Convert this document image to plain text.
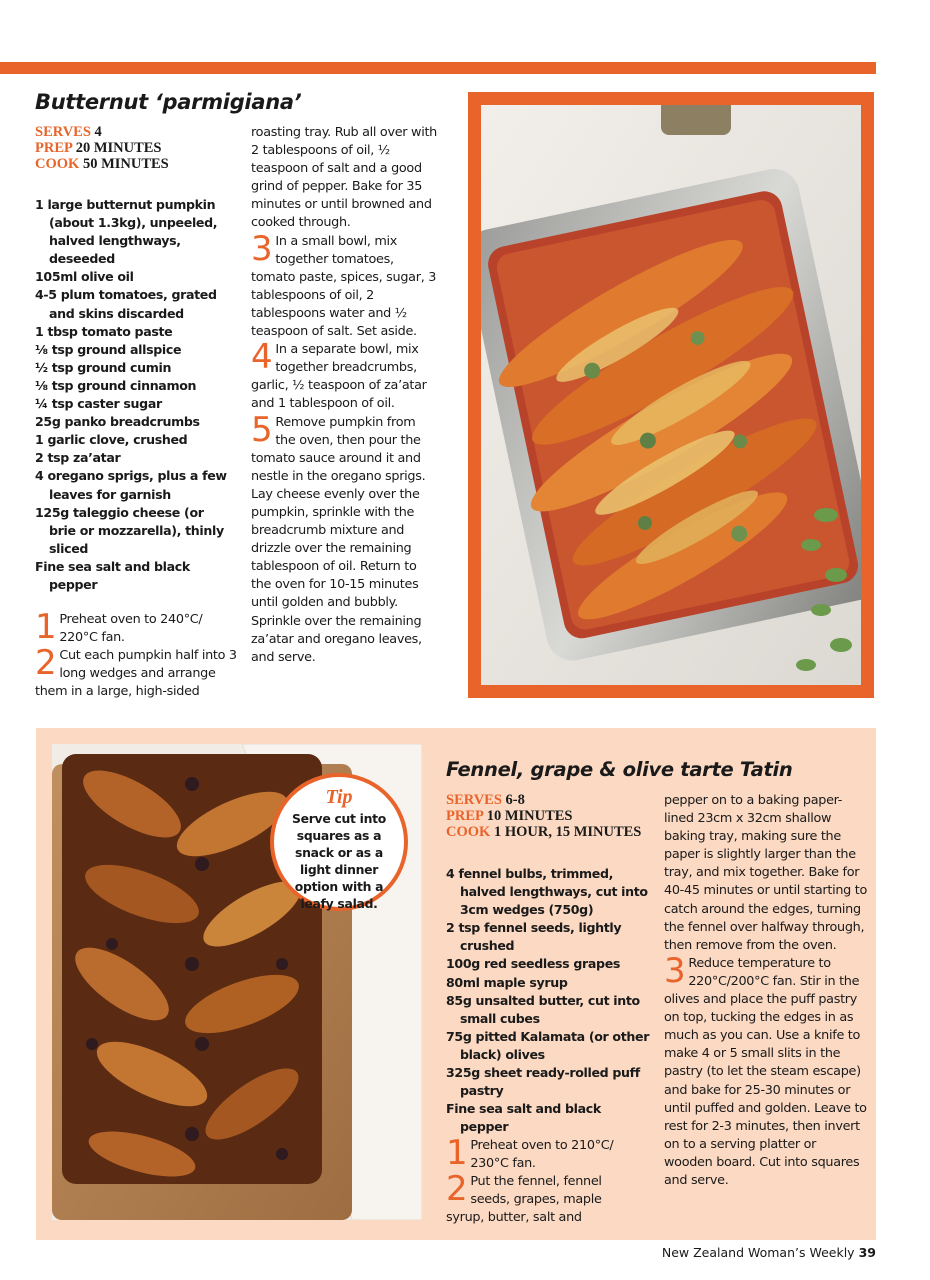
Butternut ‘parmigiana’
SERVES 4
PREP 20 MINUTES
COOK 50 MINUTES
1 large butternut pumpkin (about 1.3kg), unpeeled, halved lengthways, deseeded
105ml olive oil
4-5 plum tomatoes, grated and skins discarded
1 tbsp tomato paste
⅛ tsp ground allspice
½ tsp ground cumin
⅛ tsp ground cinnamon
¼ tsp caster sugar
25g panko breadcrumbs
1 garlic clove, crushed
2 tsp za’atar
4 oregano sprigs, plus a few leaves for garnish
125g taleggio cheese (or brie or mozzarella), thinly sliced
Fine sea salt and black pepper

1 Preheat oven to 240°C/ 220°C fan.

2 Cut each pumpkin half into 3 long wedges and arrange them in a large, high-sided

roasting tray. Rub all over with 2 tablespoons of oil, ½ teaspoon of salt and a good grind of pepper. Bake for 35 minutes or until browned and cooked through.

3 In a small bowl, mix together tomatoes, tomato paste, spices, sugar, 3 tablespoons of oil, 2 tablespoons water and ½ teaspoon of salt. Set aside.

4 In a separate bowl, mix together breadcrumbs, garlic, ½ teaspoon of za’atar and 1 tablespoon of oil.

5 Remove pumpkin from the oven, then pour the tomato sauce around it and nestle in the oregano sprigs. Lay cheese evenly over the pumpkin, sprinkle with the breadcrumb mixture and drizzle over the remaining tablespoon of oil. Return to the oven for 10-15 minutes until golden and bubbly. Sprinkle over the remaining za’atar and oregano leaves, and serve.

Tip
Serve cut into squares as a snack or as a light dinner option with a leafy salad.
Fennel, grape & olive tarte Tatin
SERVES 6-8
PREP 10 MINUTES
COOK 1 HOUR, 15 MINUTES
4 fennel bulbs, trimmed, halved lengthways, cut into 3cm wedges (750g)
2 tsp fennel seeds, lightly crushed
100g red seedless grapes
80ml maple syrup
85g unsalted butter, cut into small cubes
75g pitted Kalamata (or other black) olives
325g sheet ready-rolled puff pastry
Fine sea salt and black pepper

1 Preheat oven to 210°C/ 230°C fan.

2 Put the fennel, fennel seeds, grapes, maple syrup, butter, salt and

pepper on to a baking paper-lined 23cm x 32cm shallow baking tray, making sure the paper is slightly larger than the tray, and mix together. Bake for 40-45 minutes or until starting to catch around the edges, turning the fennel over halfway through, then remove from the oven.

3 Reduce temperature to 220°C/200°C fan. Stir in the olives and place the puff pastry on top, tucking the edges in as much as you can. Use a knife to make 4 or 5 small slits in the pastry (to let the steam escape) and bake for 25-30 minutes or until puffed and golden. Leave to rest for 2-3 minutes, then invert on to a serving platter or wooden board. Cut into squares and serve.

New Zealand Woman’s Weekly 39
